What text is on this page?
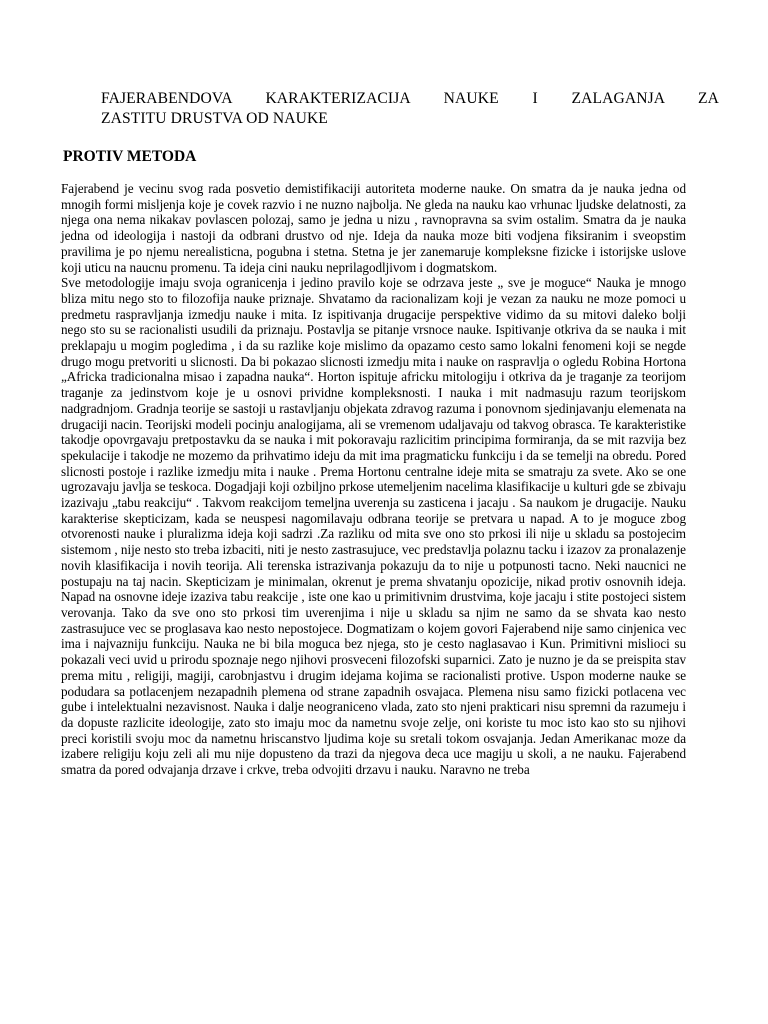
FAJERABENDOVA KARAKTERIZACIJA NAUKE I ZALAGANJA ZA
ZASTITU DRUSTVA OD NAUKE
PROTIV METODA

Fajerabend je vecinu svog rada posvetio demistifikaciji autoriteta moderne nauke. On smatra da je nauka jedna od mnogih formi misljenja koje je covek razvio i ne nuzno najbolja. Ne gleda na nauku kao vrhunac ljudske delatnosti, za njega ona nema nikakav povlascen polozaj, samo je jedna u nizu , ravnopravna sa svim ostalim. Smatra da je nauka jedna od ideologija i nastoji da odbrani drustvo od nje. Ideja da nauka moze biti vodjena fiksiranim i sveopstim pravilima je po njemu nerealisticna, pogubna i stetna. Stetna je jer zanemaruje kompleksne fizicke i istorijske uslove koji uticu na naucnu promenu. Ta ideja cini nauku neprilagodljivom i dogmatskom.

Sve metodologije imaju svoja ogranicenja i jedino pravilo koje se odrzava jeste „ sve je moguce“ Nauka je mnogo bliza mitu nego sto to filozofija nauke priznaje. Shvatamo da racionalizam koji je vezan za nauku ne moze pomoci u predmetu raspravljanja izmedju nauke i mita. Iz ispitivanja drugacije perspektive vidimo da su mitovi daleko bolji nego sto su se racionalisti usudili da priznaju. Postavlja se pitanje vrsnoce nauke. Ispitivanje otkriva da se nauka i mit preklapaju u mogim pogledima , i da su razlike koje mislimo da opazamo cesto samo lokalni fenomeni koji se negde drugo mogu pretvoriti u slicnosti. Da bi pokazao slicnosti izmedju mita i nauke on raspravlja o ogledu Robina Hortona „Africka tradicionalna misao i zapadna nauka“. Horton ispituje africku mitologiju i otkriva da je traganje za teorijom traganje za jedinstvom koje je u osnovi prividne kompleksnosti. I nauka i mit nadmasuju razum teorijskom nadgradnjom. Gradnja teorije se sastoji u rastavljanju objekata zdravog razuma i ponovnom sjedinjavanju elemenata na drugaciji nacin. Teorijski modeli pocinju analogijama, ali se vremenom udaljavaju od takvog obrasca. Te karakteristike takodje opovrgavaju pretpostavku da se nauka i mit pokoravaju razlicitim principima formiranja, da se mit razvija bez spekulacije i takodje ne mozemo da prihvatimo ideju da mit ima pragmaticku funkciju i da se temelji na obredu. Pored slicnosti postoje i razlike izmedju mita i nauke . Prema Hortonu centralne ideje mita se smatraju za svete. Ako se one ugrozavaju javlja se teskoca. Dogadjaji koji ozbiljno prkose utemeljenim nacelima klasifikacije u kulturi gde se zbivaju izazivaju „tabu reakciju“ . Takvom reakcijom temeljna uverenja su zasticena i jacaju . Sa naukom je drugacije. Nauku karakterise skepticizam, kada se neuspesi nagomilavaju odbrana teorije se pretvara u napad. A to je moguce zbog otvorenosti nauke i pluralizma ideja koji sadrzi .Za razliku od mita sve ono sto prkosi ili nije u skladu sa postojecim sistemom , nije nesto sto treba izbaciti, niti je nesto zastrasujuce, vec predstavlja polaznu tacku i izazov za pronalazenje novih klasifikacija i novih teorija. Ali terenska istrazivanja pokazuju da to nije u potpunosti tacno. Neki naucnici ne postupaju na taj nacin. Skepticizam je minimalan, okrenut je prema shvatanju opozicije, nikad protiv osnovnih ideja. Napad na osnovne ideje izaziva tabu reakcije , iste one kao u primitivnim drustvima, koje jacaju i stite postojeci sistem verovanja. Tako da sve ono sto prkosi tim uverenjima i nije u skladu sa njim ne samo da se shvata kao nesto zastrasujuce vec se proglasava kao nesto nepostojece. Dogmatizam o kojem govori Fajerabend nije samo cinjenica vec ima i najvazniju funkciju. Nauka ne bi bila moguca bez njega, sto je cesto naglasavao i Kun. Primitivni mislioci su pokazali veci uvid u prirodu spoznaje nego njihovi prosveceni filozofski suparnici. Zato je nuzno je da se preispita stav prema mitu , religiji, magiji, carobnjastvu i drugim idejama kojima se racionalisti protive. Uspon moderne nauke se podudara sa potlacenjem nezapadnih plemena od strane zapadnih osvajaca. Plemena nisu samo fizicki potlacena vec gube i intelektualni nezavisnost. Nauka i dalje neograniceno vlada, zato sto njeni prakticari nisu spremni da razumeju i da dopuste razlicite ideologije, zato sto imaju moc da nametnu svoje zelje, oni koriste tu moc isto kao sto su njihovi preci koristili svoju moc da nametnu hriscanstvo ljudima koje su sretali tokom osvajanja. Jedan Amerikanac moze da izabere religiju koju zeli ali mu nije dopusteno da trazi da njegova deca uce magiju u skoli, a ne nauku. Fajerabend smatra da pored odvajanja drzave i crkve, treba odvojiti drzavu i nauku. Naravno ne treba
